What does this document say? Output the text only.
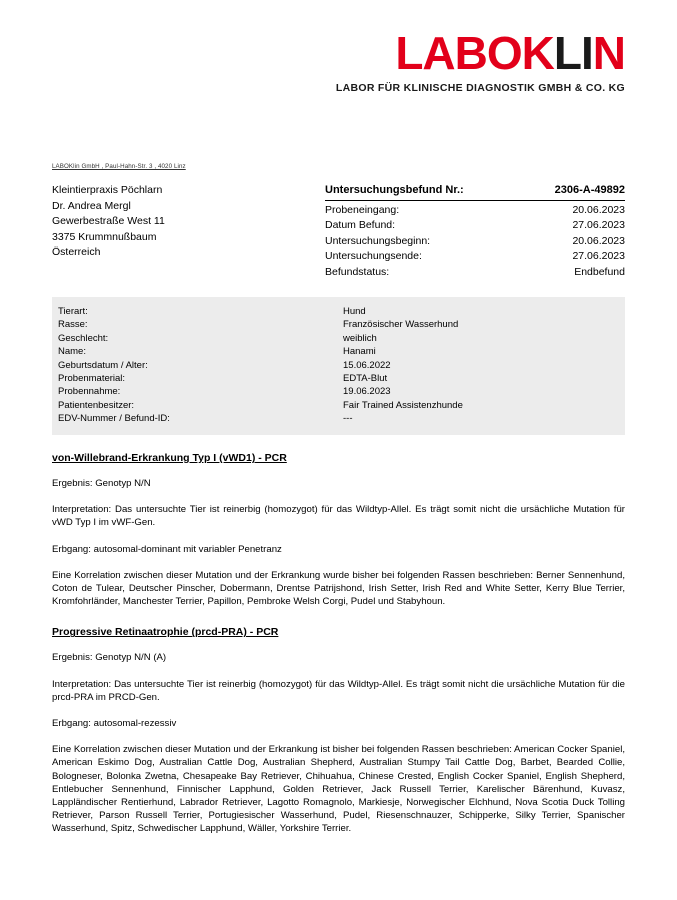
LABOKLIN
LABOR FÜR KLINISCHE DIAGNOSTIK GMBH & CO. KG
LABOKlin GmbH , Paul-Hahn-Str. 3 , 4020 Linz
Kleintierpraxis Pöchlarn
Dr. Andrea Mergl
Gewerbestraße West 11
3375 Krummnußbaum
Österreich
Untersuchungsbefund Nr.:	2306-A-49892
Probeneingang:	20.06.2023
Datum Befund:	27.06.2023
Untersuchungsbeginn:	20.06.2023
Untersuchungsende:	27.06.2023
Befundstatus:	Endbefund
Tierart:	Hund
Rasse:	Französischer Wasserhund
Geschlecht:	weiblich
Name:	Hanami
Geburtsdatum / Alter:	15.06.2022
Probenmaterial:	EDTA-Blut
Probennahme:	19.06.2023
Patientenbesitzer:	Fair Trained Assistenzhunde
EDV-Nummer / Befund-ID:	---
von-Willebrand-Erkrankung Typ I (vWD1) - PCR
Ergebnis: Genotyp N/N
Interpretation: Das untersuchte Tier ist reinerbig (homozygot) für das Wildtyp-Allel. Es trägt somit nicht die ursächliche Mutation für vWD Typ I im vWF-Gen.
Erbgang: autosomal-dominant mit variabler Penetranz
Eine Korrelation zwischen dieser Mutation und der Erkrankung wurde bisher bei folgenden Rassen beschrieben: Berner Sennenhund, Coton de Tulear, Deutscher Pinscher, Dobermann, Drentse Patrijshond, Irish Setter, Irish Red and White Setter, Kerry Blue Terrier, Kromfohrländer, Manchester Terrier, Papillon, Pembroke Welsh Corgi, Pudel und Stabyhoun.
Progressive Retinaatrophie (prcd-PRA) - PCR
Ergebnis: Genotyp N/N (A)
Interpretation: Das untersuchte Tier ist reinerbig (homozygot) für das Wildtyp-Allel. Es trägt somit nicht die ursächliche Mutation für die prcd-PRA im PRCD-Gen.
Erbgang: autosomal-rezessiv
Eine Korrelation zwischen dieser Mutation und der Erkrankung ist bisher bei folgenden Rassen beschrieben: American Cocker Spaniel, American Eskimo Dog, Australian Cattle Dog, Australian Shepherd, Australian Stumpy Tail Cattle Dog, Barbet, Bearded Collie, Bologneser, Bolonka Zwetna, Chesapeake Bay Retriever, Chihuahua, Chinese Crested, English Cocker Spaniel, English Shepherd, Entlebucher Sennenhund, Finnischer Lapphund, Golden Retriever, Jack Russell Terrier, Karelischer Bärenhund, Kuvasz, Lappländischer Rentierhund, Labrador Retriever, Lagotto Romagnolo, Markiesje, Norwegischer Elchhund, Nova Scotia Duck Tolling Retriever, Parson Russell Terrier, Portugiesischer Wasserhund, Pudel, Riesenschnauzer, Schipperke, Silky Terrier, Spanischer Wasserhund, Spitz, Schwedischer Lapphund, Wäller, Yorkshire Terrier.
